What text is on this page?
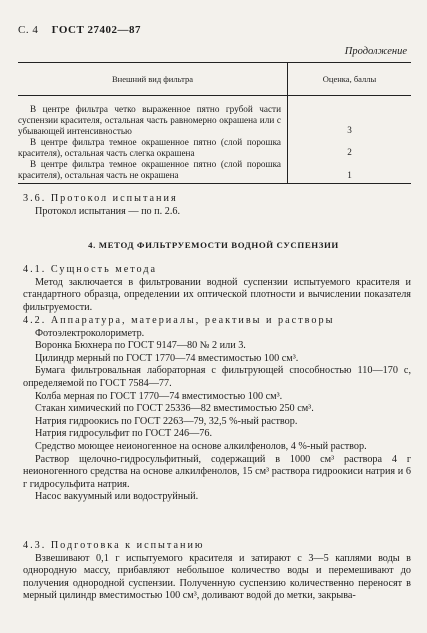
С. 4 ГОСТ 27402—87
Продолжение
Внешний вид фильтра	Оценка, баллы

В центре фильтра четко выраженное пятно грубой части суспензии красителя, остальная часть равномерно окрашена или с убывающей интенсивностью	3

В центре фильтра темное окрашенное пятно (слой порошка красителя), остальная часть слегка окрашена	2

В центре фильтра темное окрашенное пятно (слой порошка красителя), остальная часть не окрашена	1
3.6. Протокол испытания
Протокол испытания — по п. 2.6.
4. МЕТОД ФИЛЬТРУЕМОСТИ ВОДНОЙ СУСПЕНЗИИ
4.1. Сущность метода
Метод заключается в фильтровании водной суспензии испытуемого красителя и стандартного образца, определении их оптической плотности и вычислении показателя фильтруемости.
4.2. Аппаратура, материалы, реактивы и растворы
Фотоэлектроколориметр.
Воронка Бюхнера по ГОСТ 9147—80 № 2 или 3.
Цилиндр мерный по ГОСТ 1770—74 вместимостью 100 см³.
Бумага фильтровальная лабораторная с фильтрующей способностью 110—170 с, определяемой по ГОСТ 7584—77.
Колба мерная по ГОСТ 1770—74 вместимостью 100 см³.
Стакан химический по ГОСТ 25336—82 вместимостью 250 см³.
Натрия гидроокись по ГОСТ 2263—79, 32,5 %-ный раствор.
Натрия гидросульфит по ГОСТ 246—76.
Средство моющее неионогенное на основе алкилфенолов, 4 %-ный раствор.
Раствор щелочно-гидросульфитный, содержащий в 1000 см³ раствора 4 г неионогенного средства на основе алкилфенолов, 15 см³ раствора гидроокиси натрия и 6 г гидросульфита натрия.
Насос вакуумный или водоструйный.
4.3. Подготовка к испытанию
Взвешивают 0,1 г испытуемого красителя и затирают с 3—5 каплями воды в однородную массу, прибавляют небольшое количество воды и перемешивают до получения однородной суспензии. Полученную суспензию количественно переносят в мерный цилиндр вместимостью 100 см³, доливают водой до метки, закрыва-
